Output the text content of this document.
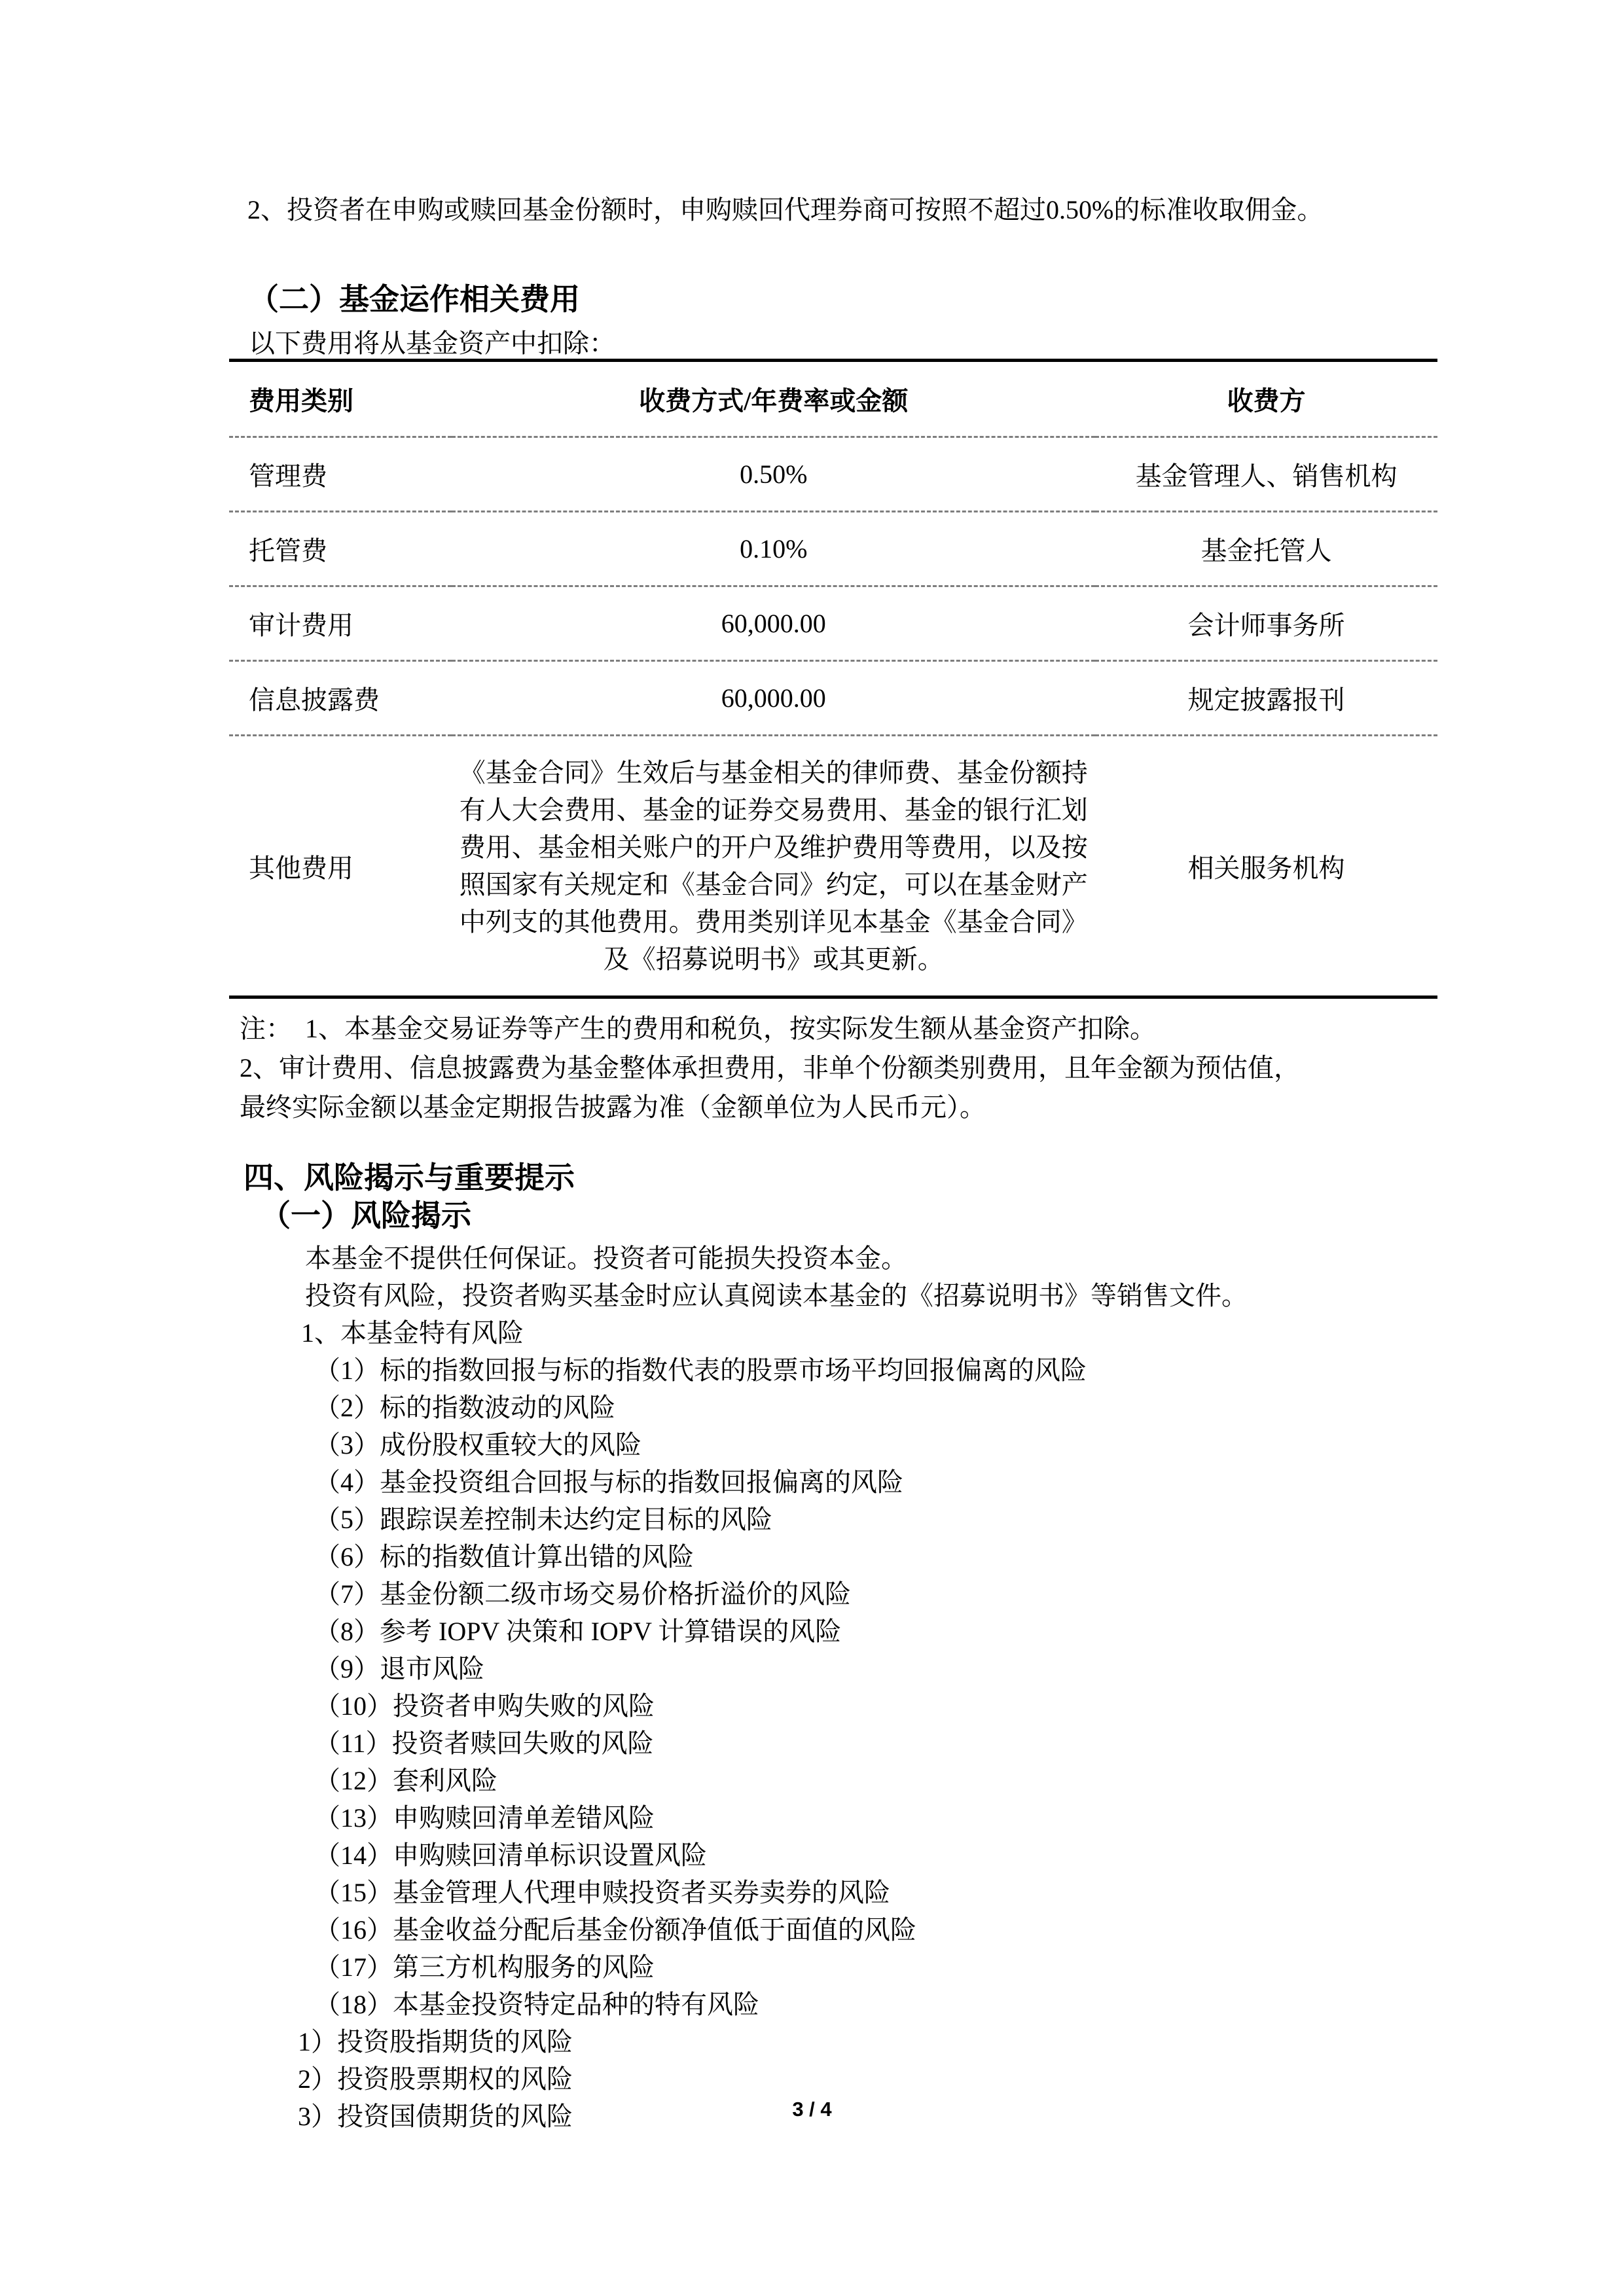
2、投资者在申购或赎回基金份额时，申购赎回代理券商可按照不超过0.50%的标准收取佣金。
（二）基金运作相关费用
以下费用将从基金资产中扣除：
费用类别	收费方式/年费率或金额	收费方
管理费	0.50%	基金管理人、销售机构
托管费	0.10%	基金托管人
审计费用	60,000.00	会计师事务所
信息披露费	60,000.00	规定披露报刊
其他费用	《基金合同》生效后与基金相关的律师费、基金份额持有人大会费用、基金的证券交易费用、基金的银行汇划费用、基金相关账户的开户及维护费用等费用，以及按照国家有关规定和《基金合同》约定，可以在基金财产中列支的其他费用。费用类别详见本基金《基金合同》及《招募说明书》或其更新。	相关服务机构
注：　1、本基金交易证券等产生的费用和税负，按实际发生额从基金资产扣除。
2、审计费用、信息披露费为基金整体承担费用，非单个份额类别费用，且年金额为预估值，
最终实际金额以基金定期报告披露为准（金额单位为人民币元）。
四、风险揭示与重要提示
（一）风险揭示
本基金不提供任何保证。投资者可能损失投资本金。
投资有风险，投资者购买基金时应认真阅读本基金的《招募说明书》等销售文件。
1、本基金特有风险
（1）标的指数回报与标的指数代表的股票市场平均回报偏离的风险
（2）标的指数波动的风险
（3）成份股权重较大的风险
（4）基金投资组合回报与标的指数回报偏离的风险
（5）跟踪误差控制未达约定目标的风险
（6）标的指数值计算出错的风险
（7）基金份额二级市场交易价格折溢价的风险
（8）参考 IOPV 决策和 IOPV 计算错误的风险
（9）退市风险
（10）投资者申购失败的风险
（11）投资者赎回失败的风险
（12）套利风险
（13）申购赎回清单差错风险
（14）申购赎回清单标识设置风险
（15）基金管理人代理申赎投资者买券卖券的风险
（16）基金收益分配后基金份额净值低于面值的风险
（17）第三方机构服务的风险
（18）本基金投资特定品种的特有风险
1）投资股指期货的风险
2）投资股票期权的风险
3）投资国债期货的风险	3 / 4
